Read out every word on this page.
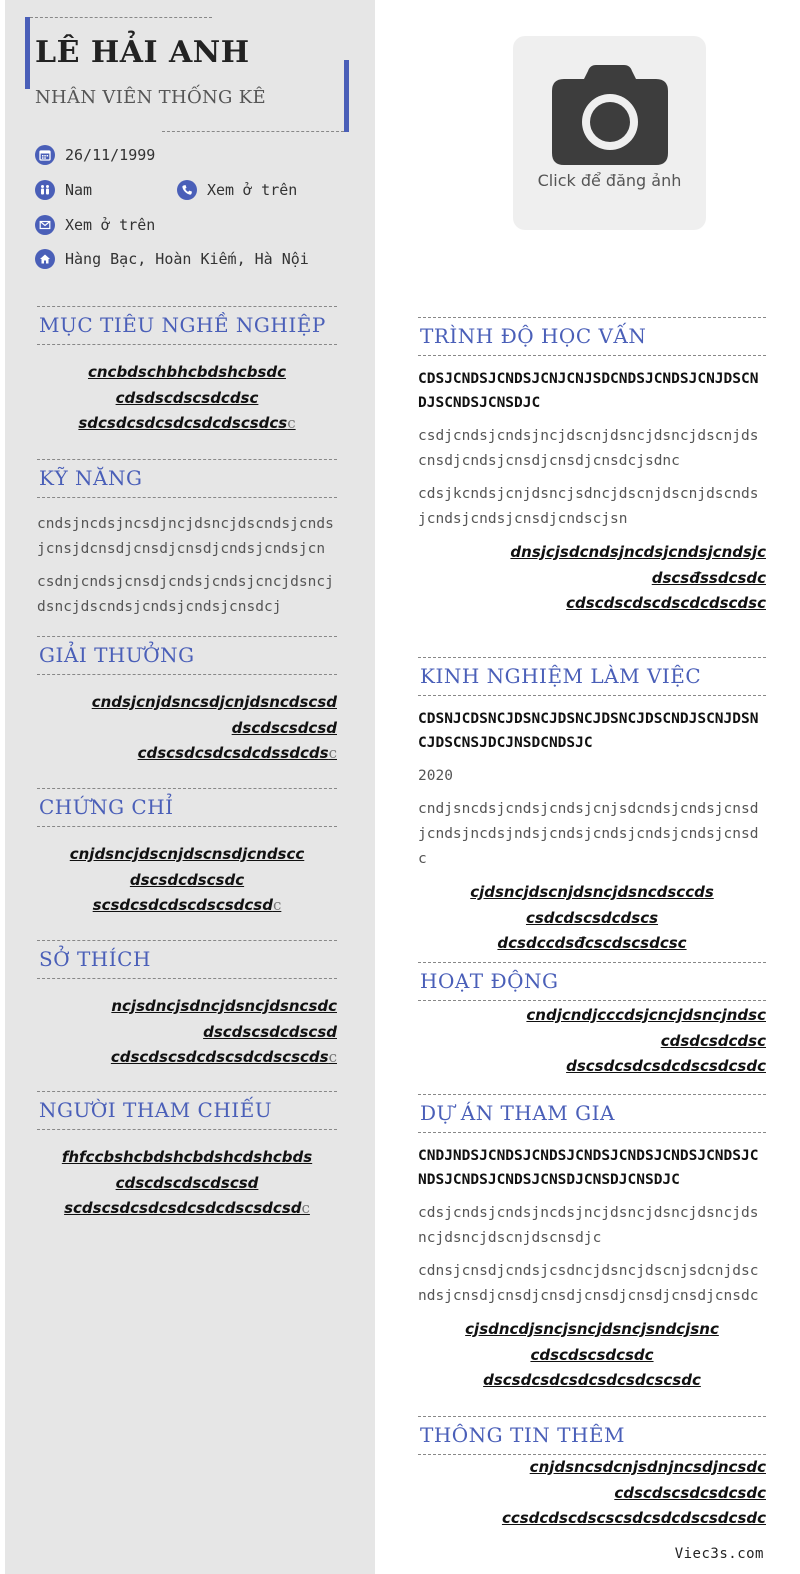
LÊ HẢI ANH
NHÂN VIÊN THỐNG KÊ
26/11/1999
Nam	Xem ở trên
Xem ở trên
Hàng Bạc, Hoàn Kiếm, Hà Nội
Click để đăng ảnh
MỤC TIÊU NGHỀ NGHIỆP
cncbdschbhcbdshcbsdc
cdsdscdscsdcdsc
sdcsdcsdcsdcsdcdscsdcsc
KỸ NĂNG
cndsjncdsjncsdjncjdsncjdscndsjcndsjcnsjdcnsdjcnsdjcnsdjcndsjcndsjcn
csdnjcndsjcnsdjcndsjcndsjcncjdsncjdsncjdscndsjcndsjcndsjcnsdcj
GIẢI THƯỞNG
cndsjcnjdsncsdjcnjdsncdscsd
dscdscsdcsd
cdscsdcsdcsdcdssdcdsc
CHỨNG CHỈ
cnjdsncjdscnjdscnsdjcndscc
dscsdcdscsdc
scsdcsdcdscdscsdcsdc
SỞ THÍCH
ncjsdncjsdncjdsncjdsncsdc
dscdscsdcdscsd
cdscdscsdcdscsdcdscscdsc
NGƯỜI THAM CHIẾU
fhfccbshcbdshcbdshcdshcbds
cdscdscdscdscsd
scdscsdcsdcsdcsdcdscsdcsdc
TRÌNH ĐỘ HỌC VẤN
CDSJCNDSJCNDSJCNJCNJSDCNDSJCNDSJCNJDSCNDJSCNDSJCNSDJC
csdjcndsjcndsjncjdscnjdsncjdsncjdscnjdscnsdjcndsjcnsdjcnsdjcnsdcjsdnc
cdsjkcndsjcnjdsncjsdncjdscnjdscnjdscndsjcndsjcndsjcnsdjcndscjsn
dnsjcjsdcndsjncdsjcndsjcndsjc
dscsđssdcsdc
cdscdscdscdscdcdscdsc
KINH NGHIỆM LÀM VIỆC
CDSNJCDSNCJDSNCJDSNCJDSNCJDSCNDJSCNJDSNCJDSCNSJDCJNSDCNDSJC
2020
cndjsncdsjcndsjcndsjcnjsdcndsjcndsjcnsdjcndsjncdsjndsjcndsjcndsjcndsjcndsjcnsdc
cjdsncjdscnjdsncjdsncdsccds
csdcdscsdcdscs
dcsdccdsđcscdscsdcsc
HOẠT ĐỘNG
cndjcndjcccdsjcncjdsncjndsc
cdsdcsdcdsc
dscsdcsdcsdcdscsdcsdc
DỰ ÁN THAM GIA
CNDJNDSJCNDSJCNDSJCNDSJCNDSJCNDSJCNDSJCNDSJCNDSJCNDSJCNSDJCNSDJCNSDJC
cdsjcndsjcndsjncdsjncjdsncjdsncjdsncjdsncjdsncjdscnjdscnsdjc
cdnsjcnsdjcndsjcsdncjdsncjdscnjsdcnjdscndsjcnsdjcnsdjcnsdjcnsdjcnsdjcnsdjcnsdc
cjsdncdjsncjsncjdsncjsndcjsnc
cdscdscsdcsdc
dscsdcsdcsdcsdcsdcscsdc
THÔNG TIN THÊM
cnjdsncsdcnjsdnjncsdjncsdc
cdscdscsdcsdcsdc
ccsdcdscdscscsdcsdcdscsdcsdc
Viec3s.com
